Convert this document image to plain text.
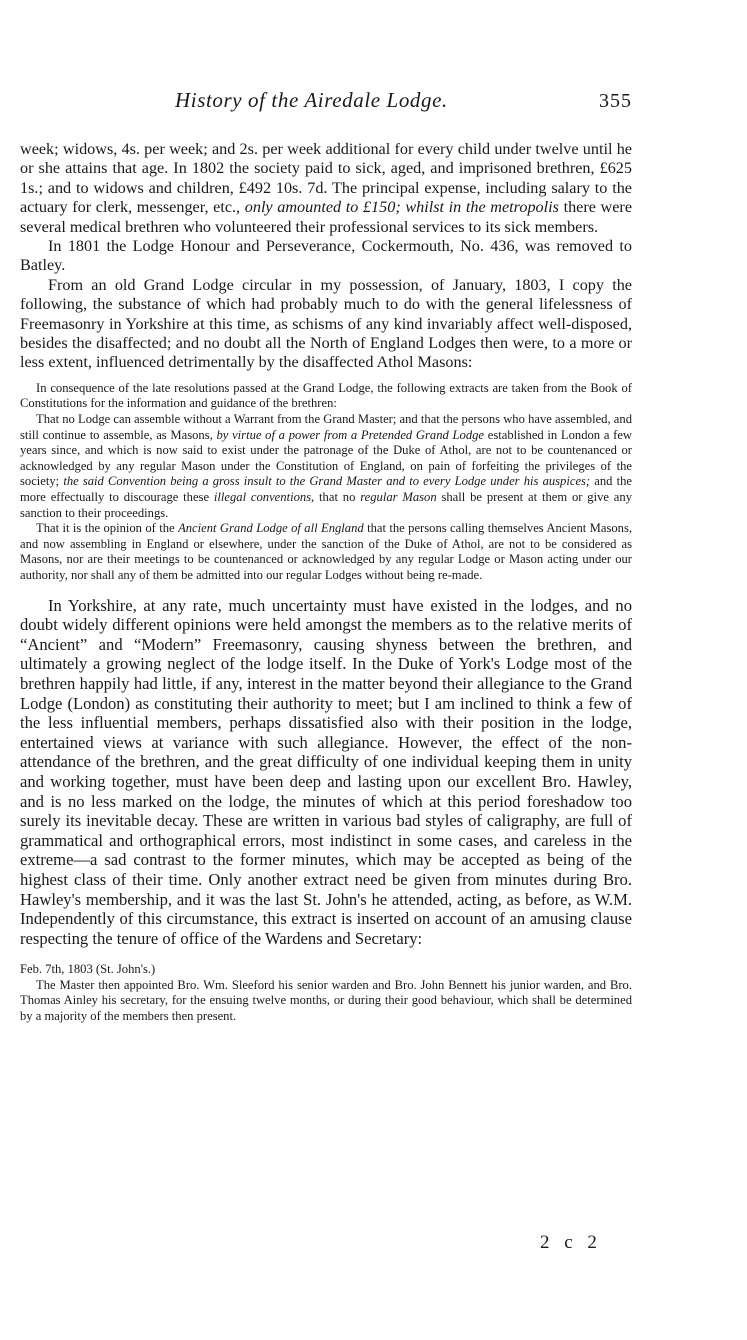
History of the Airedale Lodge.	355

week; widows, 4s. per week; and 2s. per week additional for every child under twelve until he or she attains that age. In 1802 the society paid to sick, aged, and imprisoned brethren, £625 1s.; and to widows and children, £492 10s. 7d. The principal expense, including salary to the actuary for clerk, messenger, etc., only amounted to £150; whilst in the metropolis there were several medical brethren who volunteered their professional services to its sick members.

In 1801 the Lodge Honour and Perseverance, Cockermouth, No. 436, was removed to Batley.

From an old Grand Lodge circular in my possession, of January, 1803, I copy the following, the substance of which had probably much to do with the general lifelessness of Freemasonry in Yorkshire at this time, as schisms of any kind invariably affect well-disposed, besides the disaffected; and no doubt all the North of England Lodges then were, to a more or less extent, influenced detrimentally by the disaffected Athol Masons:

In consequence of the late resolutions passed at the Grand Lodge, the following extracts are taken from the Book of Constitutions for the information and guidance of the brethren:

That no Lodge can assemble without a Warrant from the Grand Master; and that the persons who have assembled, and still continue to assemble, as Masons, by virtue of a power from a Pretended Grand Lodge established in London a few years since, and which is now said to exist under the patronage of the Duke of Athol, are not to be countenanced or acknowledged by any regular Mason under the Constitution of England, on pain of forfeiting the privileges of the society; the said Convention being a gross insult to the Grand Master and to every Lodge under his auspices; and the more effectually to discourage these illegal conventions, that no regular Mason shall be present at them or give any sanction to their proceedings.

That it is the opinion of the Ancient Grand Lodge of all England that the persons calling themselves Ancient Masons, and now assembling in England or elsewhere, under the sanction of the Duke of Athol, are not to be considered as Masons, nor are their meetings to be countenanced or acknowledged by any regular Lodge or Mason acting under our authority, nor shall any of them be admitted into our regular Lodges without being re-made.

In Yorkshire, at any rate, much uncertainty must have existed in the lodges, and no doubt widely different opinions were held amongst the members as to the relative merits of “Ancient” and “Modern” Freemasonry, causing shyness between the brethren, and ultimately a growing neglect of the lodge itself. In the Duke of York's Lodge most of the brethren happily had little, if any, interest in the matter beyond their allegiance to the Grand Lodge (London) as constituting their authority to meet; but I am inclined to think a few of the less influential members, perhaps dissatisfied also with their position in the lodge, entertained views at variance with such allegiance. However, the effect of the non-attendance of the brethren, and the great difficulty of one individual keeping them in unity and working together, must have been deep and lasting upon our excellent Bro. Hawley, and is no less marked on the lodge, the minutes of which at this period foreshadow too surely its inevitable decay. These are written in various bad styles of caligraphy, are full of grammatical and orthographical errors, most indistinct in some cases, and careless in the extreme—a sad contrast to the former minutes, which may be accepted as being of the highest class of their time. Only another extract need be given from minutes during Bro. Hawley's membership, and it was the last St. John's he attended, acting, as before, as W.M. Independently of this circumstance, this extract is inserted on account of an amusing clause respecting the tenure of office of the Wardens and Secretary:

Feb. 7th, 1803 (St. John's.)

The Master then appointed Bro. Wm. Sleeford his senior warden and Bro. John Bennett his junior warden, and Bro. Thomas Ainley his secretary, for the ensuing twelve months, or during their good behaviour, which shall be determined by a majority of the members then present.

2 c 2
